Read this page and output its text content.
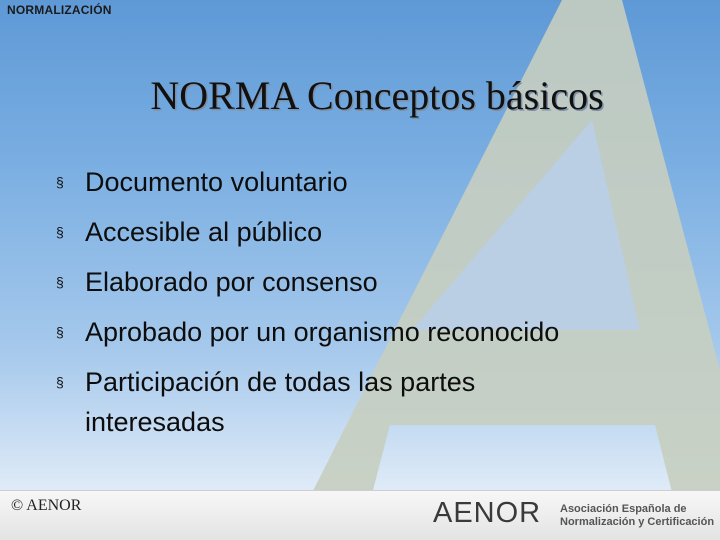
NORMALIZACIÓN
NORMA Conceptos básicos
§ Documento voluntario
§ Accesible al público
§ Elaborado por consenso
§ Aprobado por un organismo reconocido
§ Participación de todas las partes interesadas
© AENOR	AENOR Asociación Española de
Normalización y Certificación
